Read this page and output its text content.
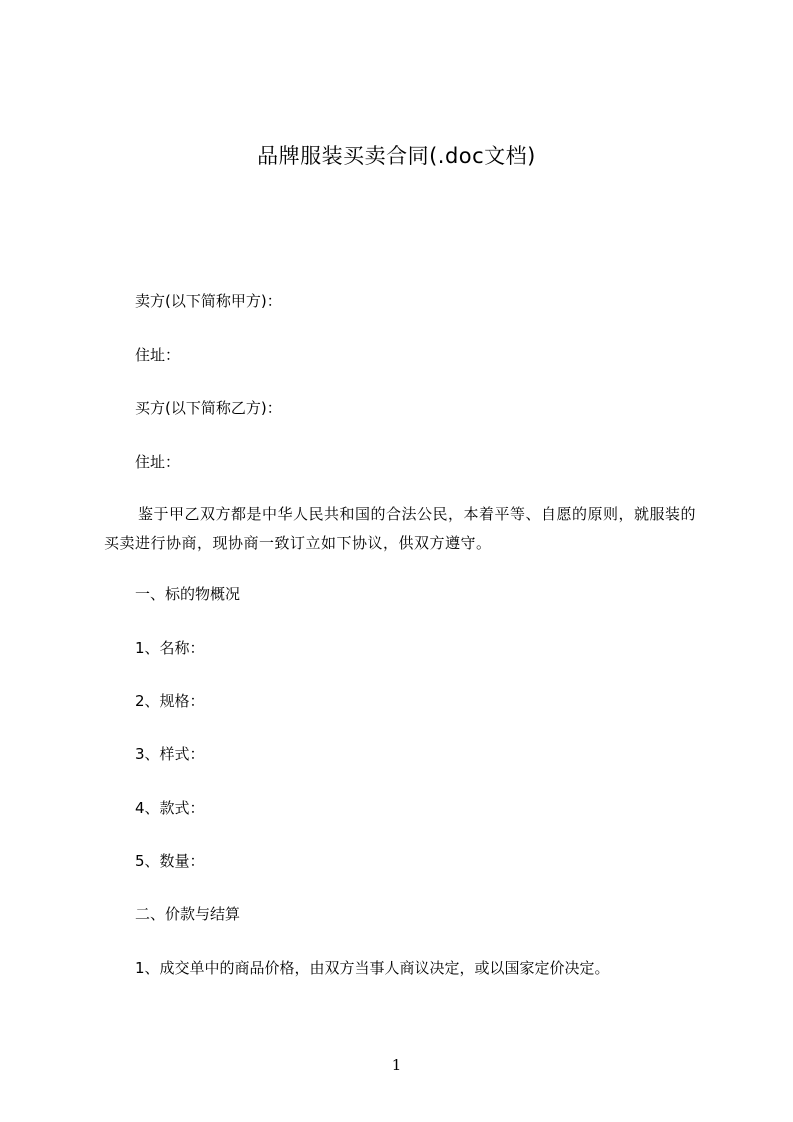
品牌服装买卖合同(.doc文档)
卖方(以下简称甲方)：
住址：
买方(以下简称乙方)：
住址：
鉴于甲乙双方都是中华人民共和国的合法公民，本着平等、自愿的原则，就服装的买卖进行协商，现协商一致订立如下协议，供双方遵守。
一、标的物概况
1、名称：
2、规格：
3、样式：
4、款式：
5、数量：
二、价款与结算
1、成交单中的商品价格，由双方当事人商议决定，或以国家定价决定。
1
